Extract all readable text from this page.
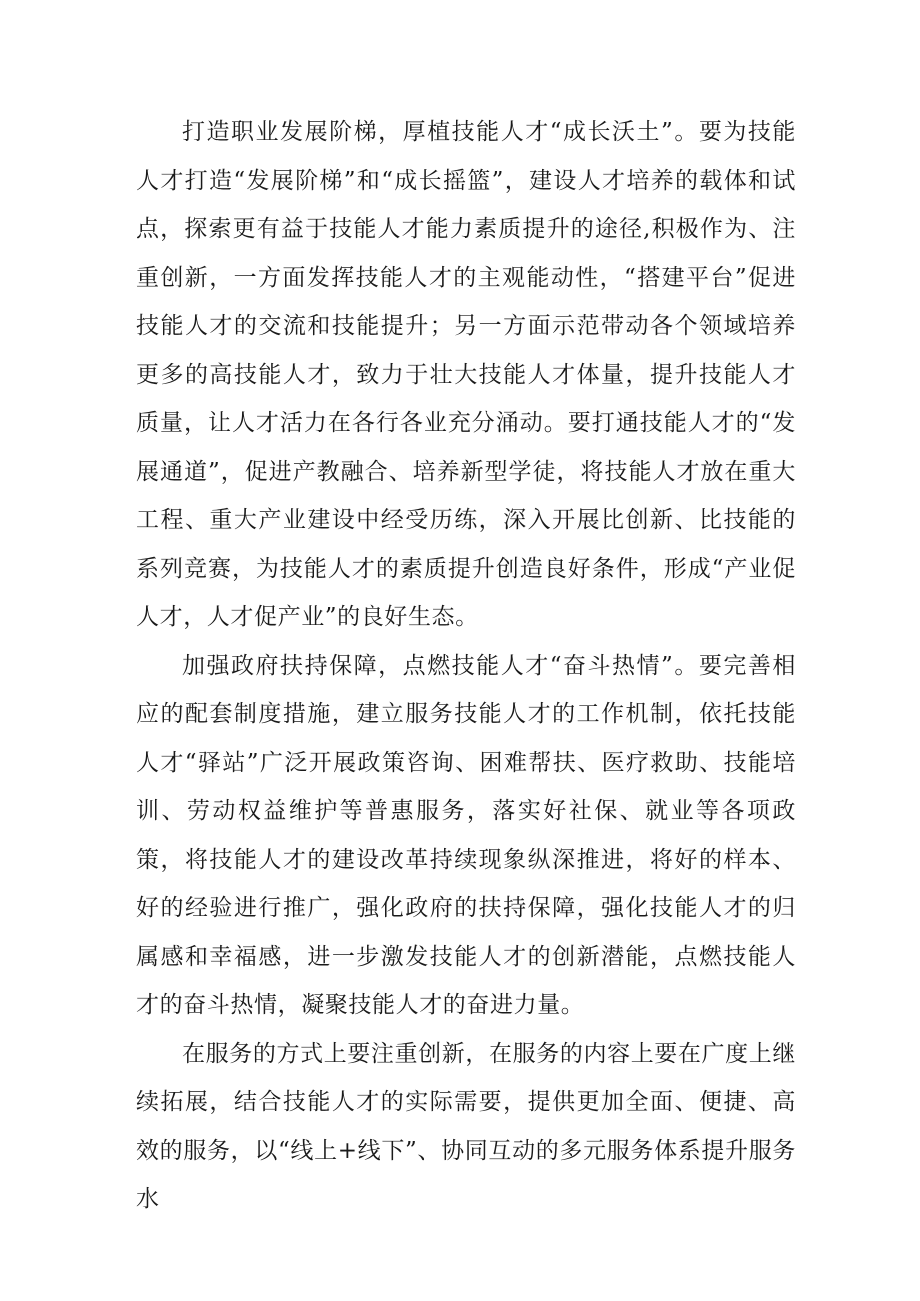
打造职业发展阶梯，厚植技能人才“成长沃土”。要为技能人才打造“发展阶梯”和“成长摇篮”，建设人才培养的载体和试点，探索更有益于技能人才能力素质提升的途径,积极作为、注重创新，一方面发挥技能人才的主观能动性，“搭建平台”促进技能人才的交流和技能提升；另一方面示范带动各个领域培养更多的高技能人才，致力于壮大技能人才体量，提升技能人才质量，让人才活力在各行各业充分涌动。要打通技能人才的“发展通道”，促进产教融合、培养新型学徒，将技能人才放在重大工程、重大产业建设中经受历练，深入开展比创新、比技能的系列竞赛，为技能人才的素质提升创造良好条件，形成“产业促人才，人才促产业”的良好生态。

加强政府扶持保障，点燃技能人才“奋斗热情”。要完善相应的配套制度措施，建立服务技能人才的工作机制，依托技能人才“驿站”广泛开展政策咨询、困难帮扶、医疗救助、技能培训、劳动权益维护等普惠服务，落实好社保、就业等各项政策，将技能人才的建设改革持续现象纵深推进，将好的样本、好的经验进行推广，强化政府的扶持保障，强化技能人才的归属感和幸福感，进一步激发技能人才的创新潜能，点燃技能人才的奋斗热情，凝聚技能人才的奋进力量。

在服务的方式上要注重创新，在服务的内容上要在广度上继续拓展，结合技能人才的实际需要，提供更加全面、便捷、高效的服务，以“线上+线下”、协同互动的多元服务体系提升服务水
